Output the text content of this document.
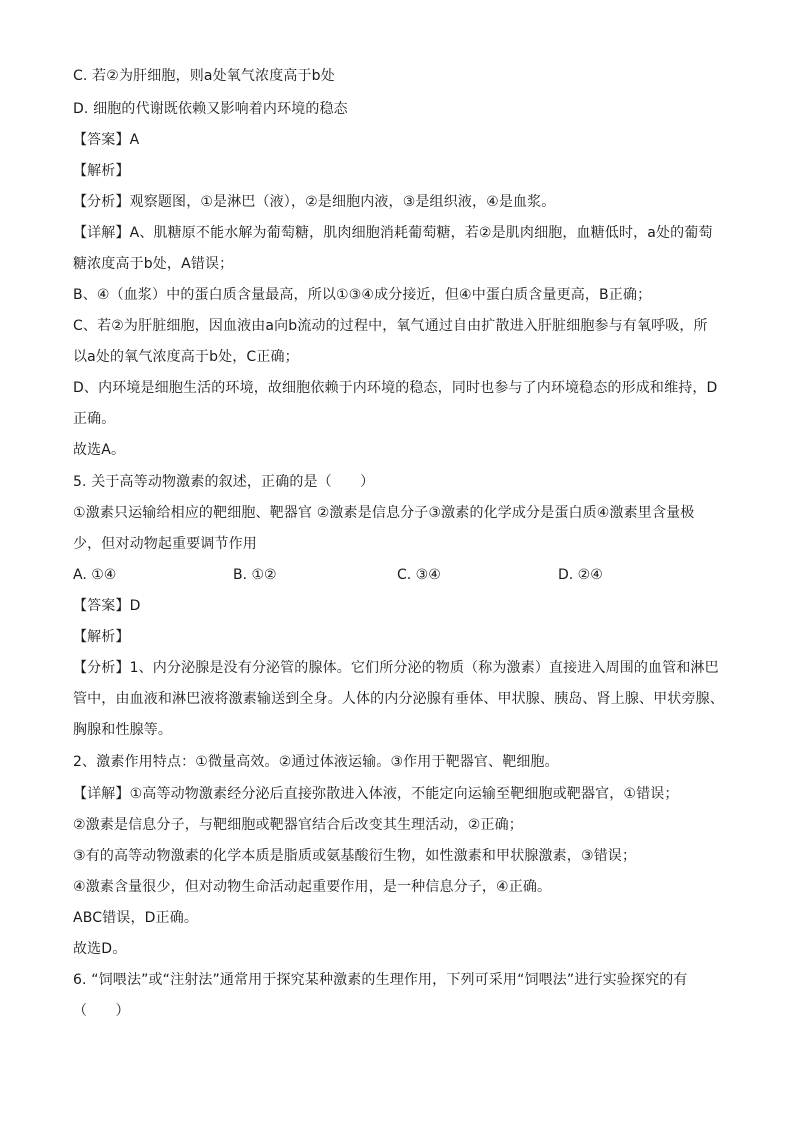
C. 若②为肝细胞，则a处氧气浓度高于b处
D. 细胞的代谢既依赖又影响着内环境的稳态
【答案】A
【解析】
【分析】观察题图，①是淋巴（液），②是细胞内液，③是组织液，④是血浆。
【详解】A、肌糖原不能水解为葡萄糖，肌肉细胞消耗葡萄糖，若②是肌肉细胞，血糖低时，a处的葡萄
糖浓度高于b处，A错误；
B、④（血浆）中的蛋白质含量最高，所以①③④成分接近，但④中蛋白质含量更高，B正确；
C、若②为肝脏细胞，因血液由a向b流动的过程中，氧气通过自由扩散进入肝脏细胞参与有氧呼吸，所
以a处的氧气浓度高于b处，C正确；
D、内环境是细胞生活的环境，故细胞依赖于内环境的稳态，同时也参与了内环境稳态的形成和维持，D
正确。
故选A。
5. 关于高等动物激素的叙述，正确的是（　　）
①激素只运输给相应的靶细胞、靶器官 ②激素是信息分子③激素的化学成分是蛋白质④激素里含量极
少，但对动物起重要调节作用
A. ①④	B. ①②	C. ③④	D. ②④
【答案】D
【解析】
【分析】1、内分泌腺是没有分泌管的腺体。它们所分泌的物质（称为激素）直接进入周围的血管和淋巴
管中，由血液和淋巴液将激素输送到全身。人体的内分泌腺有垂体、甲状腺、胰岛、肾上腺、甲状旁腺、
胸腺和性腺等。
2、激素作用特点：①微量高效。②通过体液运输。③作用于靶器官、靶细胞。
【详解】①高等动物激素经分泌后直接弥散进入体液，不能定向运输至靶细胞或靶器官，①错误；
②激素是信息分子，与靶细胞或靶器官结合后改变其生理活动，②正确；
③有的高等动物激素的化学本质是脂质或氨基酸衍生物，如性激素和甲状腺激素，③错误；
④激素含量很少，但对动物生命活动起重要作用，是一种信息分子，④正确。
ABC错误，D正确。
故选D。
6. “饲喂法”或“注射法”通常用于探究某种激素的生理作用，下列可采用“饲喂法”进行实验探究的有
（　　）
